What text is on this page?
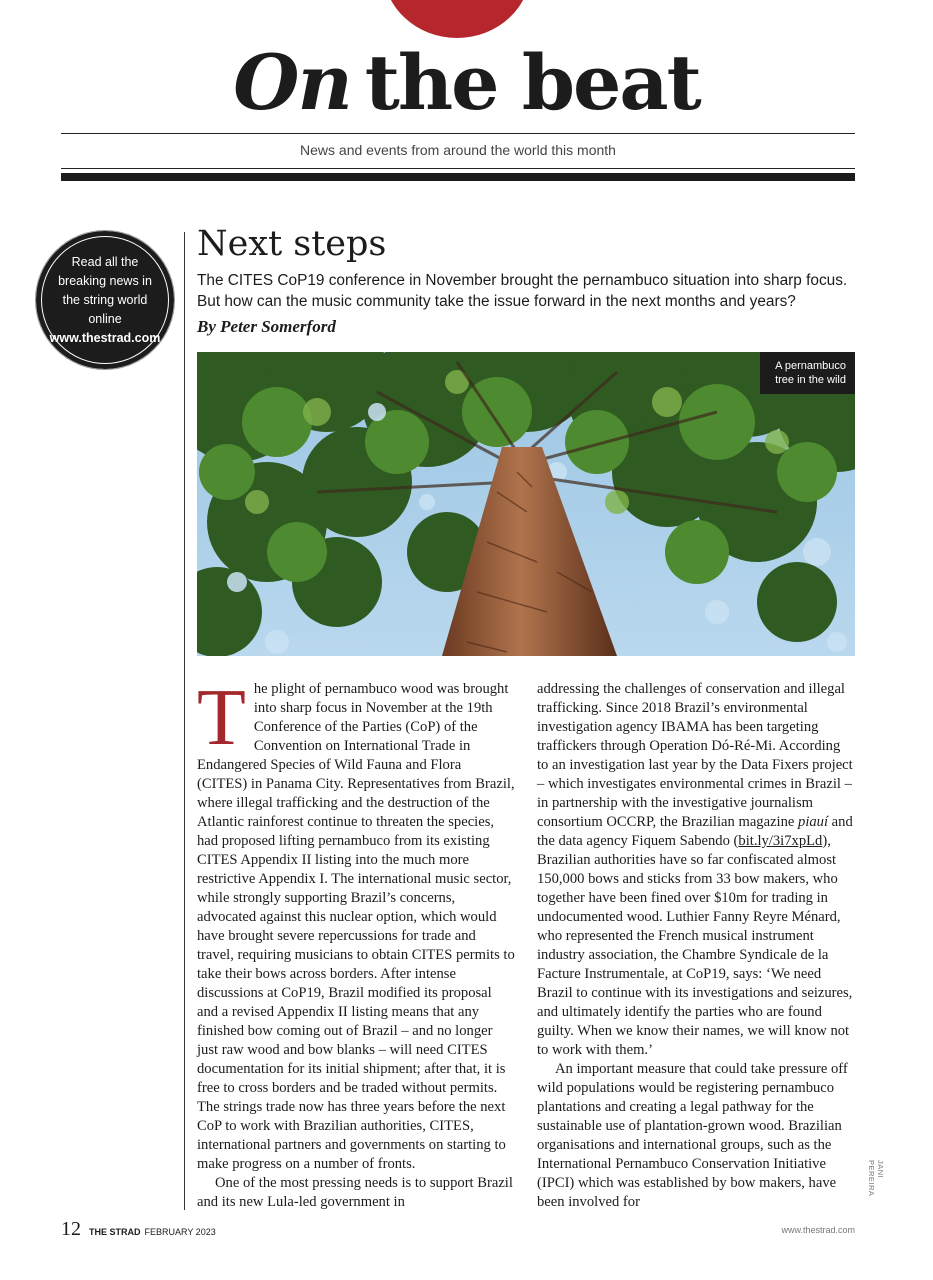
On the beat
News and events from around the world this month
Read all the breaking news in the string world online
www.thestrad.com
Next steps
The CITES CoP19 conference in November brought the pernambuco situation into sharp focus. But how can the music community take the issue forward in the next months and years?
By Peter Somerford
A pernambuco tree in the wild
T he plight of pernambuco wood was brought into sharp focus in November at the 19th Conference of the Parties (CoP) of the Convention on International Trade in Endangered Species of Wild Fauna and Flora (CITES) in Panama City. Representatives from Brazil, where illegal trafficking and the destruction of the Atlantic rainforest continue to threaten the species, had proposed lifting pernambuco from its existing CITES Appendix II listing into the much more restrictive Appendix I. The international music sector, while strongly supporting Brazil’s concerns, advocated against this nuclear option, which would have brought severe repercussions for trade and travel, requiring musicians to obtain CITES permits to take their bows across borders. After intense discussions at CoP19, Brazil modified its proposal and a revised Appendix II listing means that any finished bow coming out of Brazil – and no longer just raw wood and bow blanks – will need CITES documentation for its initial shipment; after that, it is free to cross borders and be traded without permits. The strings trade now has three years before the next CoP to work with Brazilian authorities, CITES, international partners and governments on starting to make progress on a number of fronts.

One of the most pressing needs is to support Brazil and its new Lula-led government in

addressing the challenges of conservation and illegal trafficking. Since 2018 Brazil’s environmental investigation agency IBAMA has been targeting traffickers through Operation Dó-Ré-Mi. According to an investigation last year by the Data Fixers project – which investigates environmental crimes in Brazil – in partnership with the investigative journalism consortium OCCRP, the Brazilian magazine piauí and the data agency Fiquem Sabendo (bit.ly/3i7xpLd), Brazilian authorities have so far confiscated almost 150,000 bows and sticks from 33 bow makers, who together have been fined over $10m for trading in undocumented wood. Luthier Fanny Reyre Ménard, who represented the French musical instrument industry association, the Chambre Syndicale de la Facture Instrumentale, at CoP19, says: ‘We need Brazil to continue with its investigations and seizures, and ultimately identify the parties who are found guilty. When we know their names, we will know not to work with them.’

An important measure that could take pressure off wild populations would be registering pernambuco plantations and creating a legal pathway for the sustainable use of plantation-grown wood. Brazilian organisations and international groups, such as the International Pernambuco Conservation Initiative (IPCI) which was established by bow makers, have been involved for

JANI PEREIRA
12 THE STRAD FEBRUARY 2023	www.thestrad.com
